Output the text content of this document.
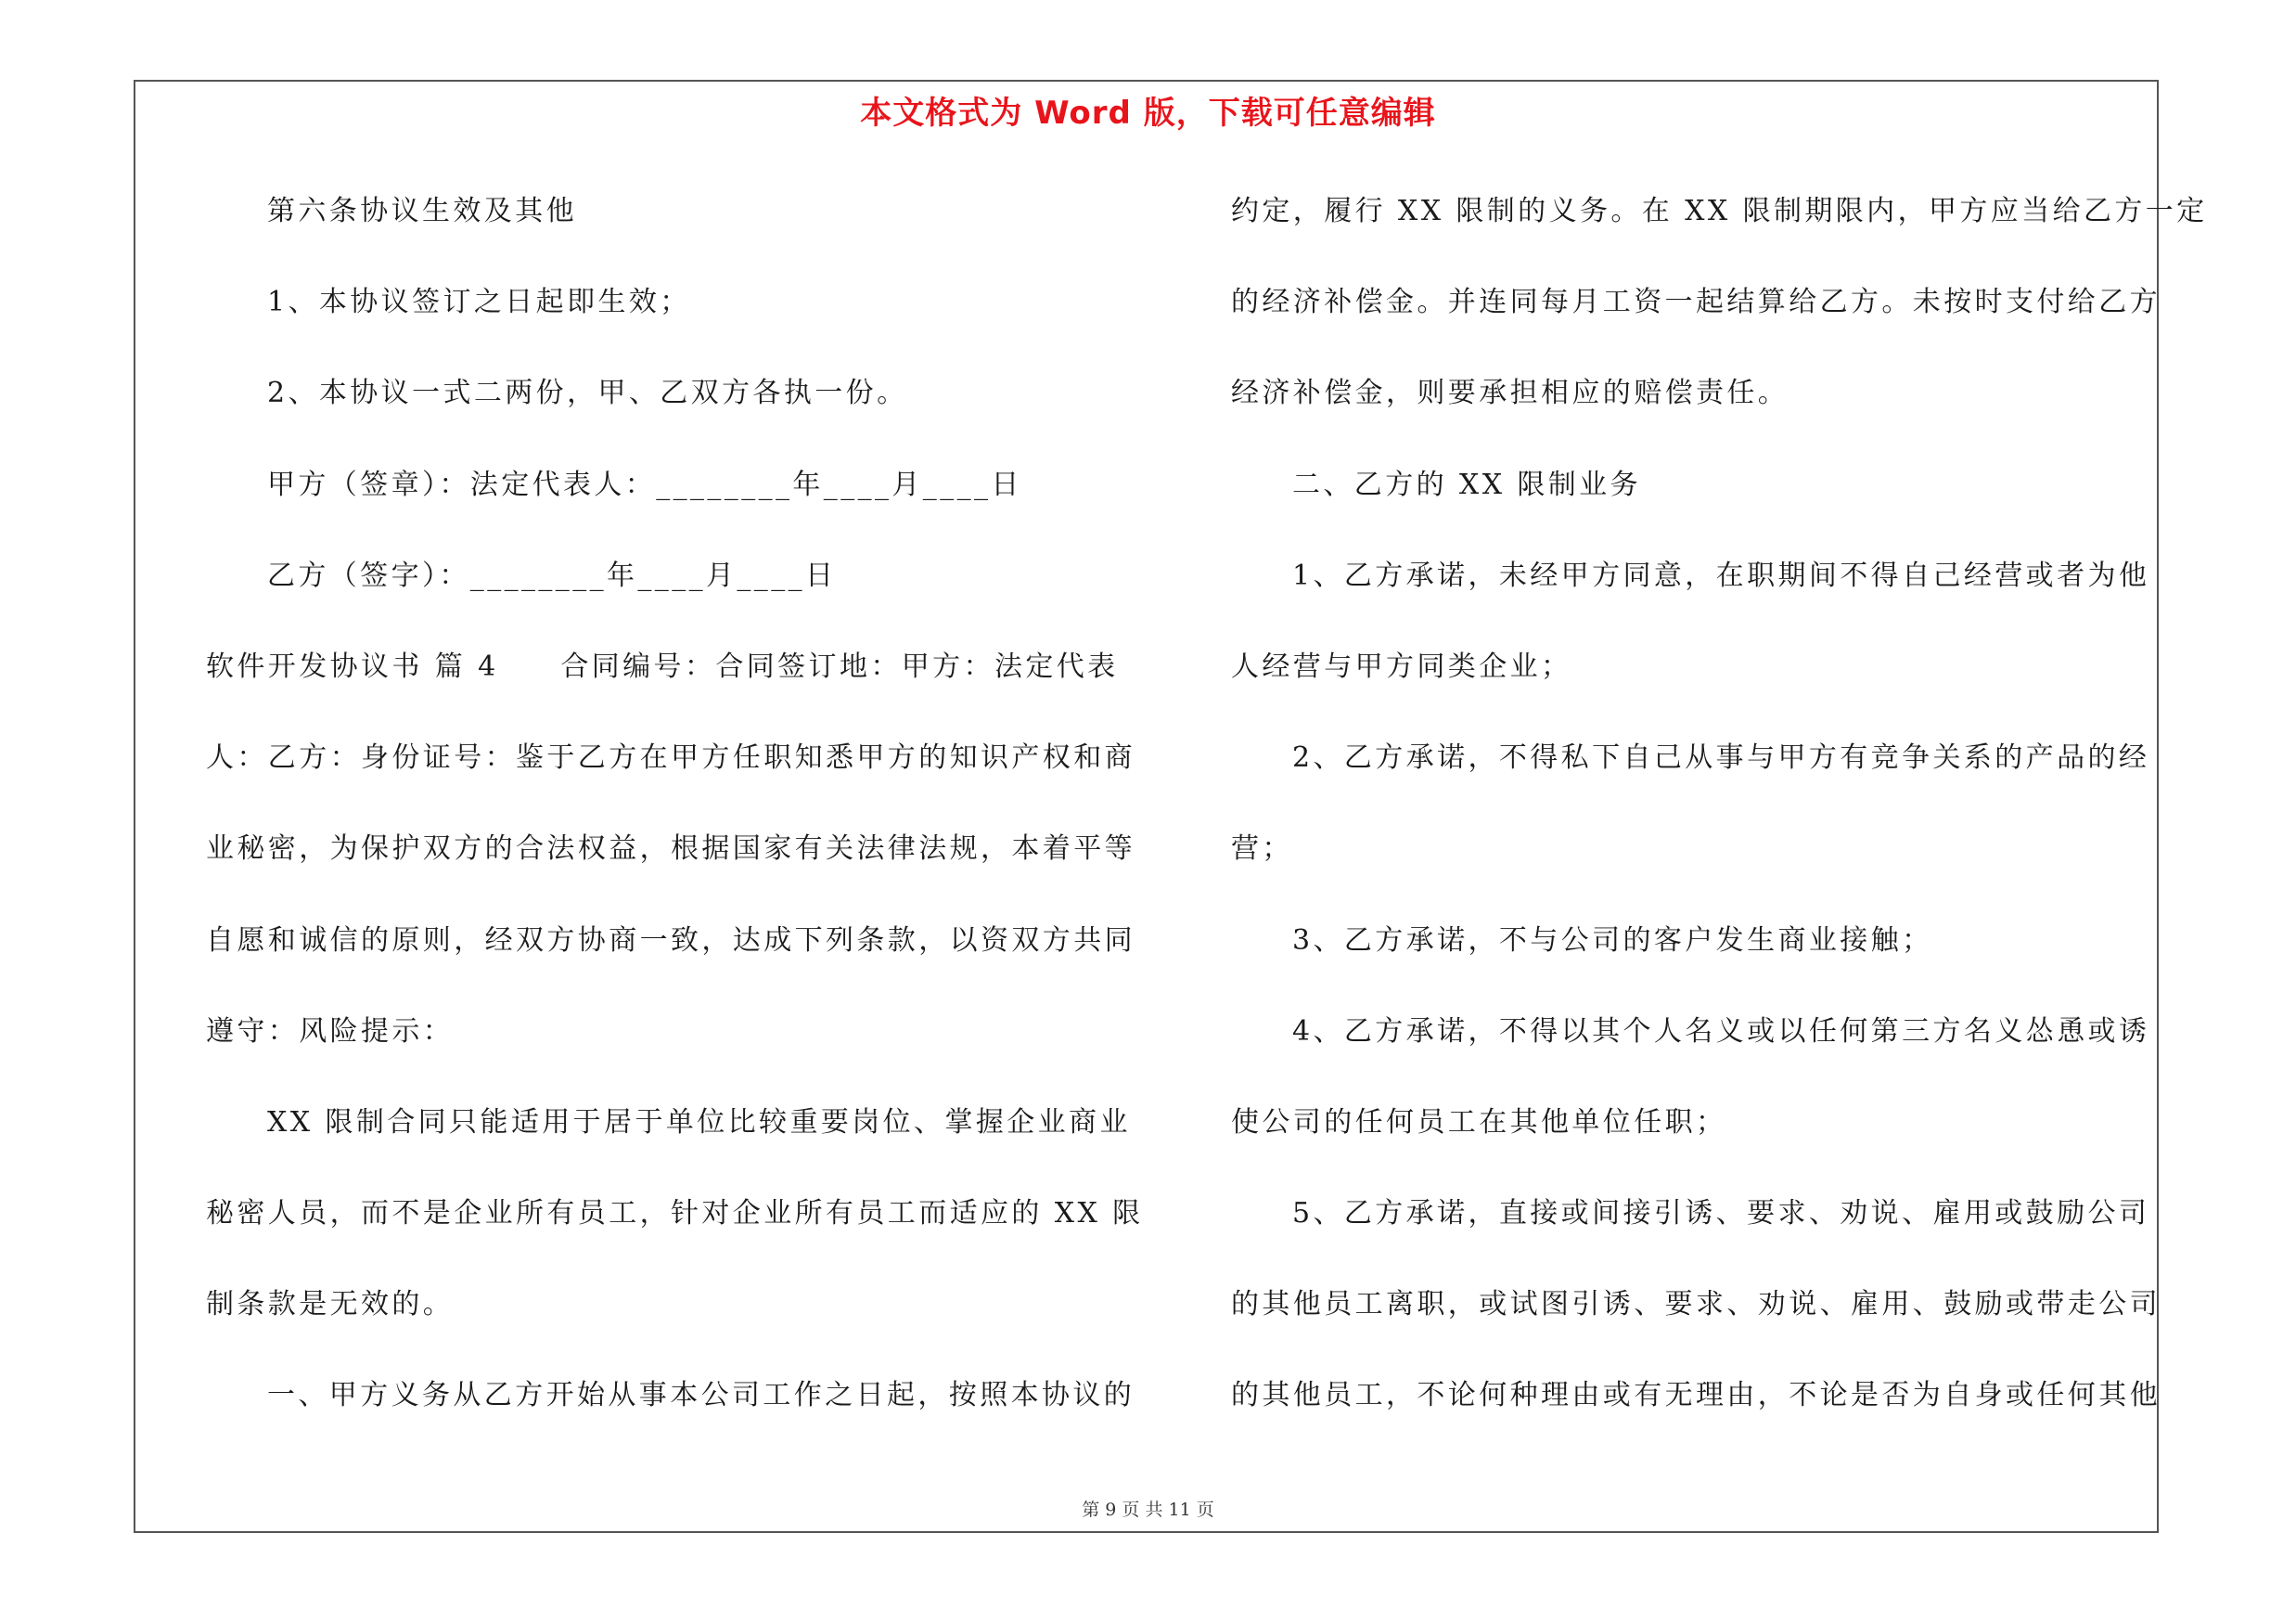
本文格式为 Word 版，下载可任意编辑
第六条协议生效及其他
1、本协议签订之日起即生效；
2、本协议一式二两份，甲、乙双方各执一份。
甲方（签章）：法定代表人：________年____月____日
乙方（签字）：________年____月____日
软件开发协议书 篇 4　　合同编号：合同签订地：甲方：法定代表
人：乙方：身份证号：鉴于乙方在甲方任职知悉甲方的知识产权和商
业秘密，为保护双方的合法权益，根据国家有关法律法规，本着平等
自愿和诚信的原则，经双方协商一致，达成下列条款，以资双方共同
遵守：风险提示：
XX 限制合同只能适用于居于单位比较重要岗位、掌握企业商业
秘密人员，而不是企业所有员工，针对企业所有员工而适应的 XX 限
制条款是无效的。
一、甲方义务从乙方开始从事本公司工作之日起，按照本协议的
约定，履行 XX 限制的义务。在 XX 限制期限内，甲方应当给乙方一定
的经济补偿金。并连同每月工资一起结算给乙方。未按时支付给乙方
经济补偿金，则要承担相应的赔偿责任。
二、乙方的 XX 限制业务
1、乙方承诺，未经甲方同意，在职期间不得自己经营或者为他
人经营与甲方同类企业；
2、乙方承诺，不得私下自己从事与甲方有竞争关系的产品的经
营；
3、乙方承诺，不与公司的客户发生商业接触；
4、乙方承诺，不得以其个人名义或以任何第三方名义怂恿或诱
使公司的任何员工在其他单位任职；
5、乙方承诺，直接或间接引诱、要求、劝说、雇用或鼓励公司
的其他员工离职，或试图引诱、要求、劝说、雇用、鼓励或带走公司
的其他员工，不论何种理由或有无理由，不论是否为自身或任何其他
第 9 页 共 11 页
